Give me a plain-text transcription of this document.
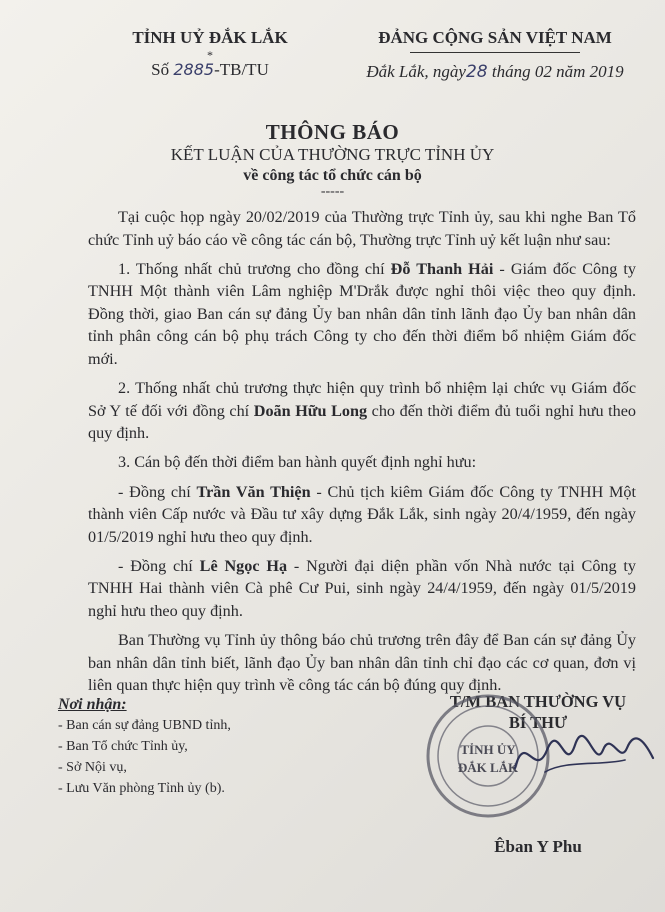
TỈNH UỶ ĐẮK LẮK
*
Số 2885-TB/TU
ĐẢNG CỘNG SẢN VIỆT NAM
Đắk Lắk, ngày28 tháng 02 năm 2019
THÔNG BÁO
KẾT LUẬN CỦA THƯỜNG TRỰC TỈNH ỦY
về công tác tổ chức cán bộ
-----

Tại cuộc họp ngày 20/02/2019 của Thường trực Tỉnh ủy, sau khi nghe Ban Tổ chức Tỉnh uỷ báo cáo về công tác cán bộ, Thường trực Tỉnh uỷ kết luận như sau:

1. Thống nhất chủ trương cho đồng chí Đỗ Thanh Hải - Giám đốc Công ty TNHH Một thành viên Lâm nghiệp M'Drắk được nghỉ thôi việc theo quy định. Đồng thời, giao Ban cán sự đảng Ủy ban nhân dân tỉnh lãnh đạo Ủy ban nhân dân tỉnh phân công cán bộ phụ trách Công ty cho đến thời điểm bổ nhiệm Giám đốc mới.

2. Thống nhất chủ trương thực hiện quy trình bổ nhiệm lại chức vụ Giám đốc Sở Y tế đối với đồng chí Doãn Hữu Long cho đến thời điểm đủ tuổi nghỉ hưu theo quy định.

3. Cán bộ đến thời điểm ban hành quyết định nghỉ hưu:

- Đồng chí Trần Văn Thiện - Chủ tịch kiêm Giám đốc Công ty TNHH Một thành viên Cấp nước và Đầu tư xây dựng Đắk Lắk, sinh ngày 20/4/1959, đến ngày 01/5/2019 nghỉ hưu theo quy định.

- Đồng chí Lê Ngọc Hạ - Người đại diện phần vốn Nhà nước tại Công ty TNHH Hai thành viên Cà phê Cư Pui, sinh ngày 24/4/1959, đến ngày 01/5/2019 nghỉ hưu theo quy định.

Ban Thường vụ Tỉnh ủy thông báo chủ trương trên đây để Ban cán sự đảng Ủy ban nhân dân tỉnh biết, lãnh đạo Ủy ban nhân dân tỉnh chỉ đạo các cơ quan, đơn vị liên quan thực hiện quy trình về công tác cán bộ đúng quy định.

Nơi nhận:
- Ban cán sự đảng UBND tỉnh,
- Ban Tổ chức Tỉnh ủy,
- Sở Nội vụ,
- Lưu Văn phòng Tỉnh ủy (b).
T/M BAN THƯỜNG VỤ
BÍ THƯ
TỈNH ỦY
ĐẮK LẮK
Êban Y Phu
